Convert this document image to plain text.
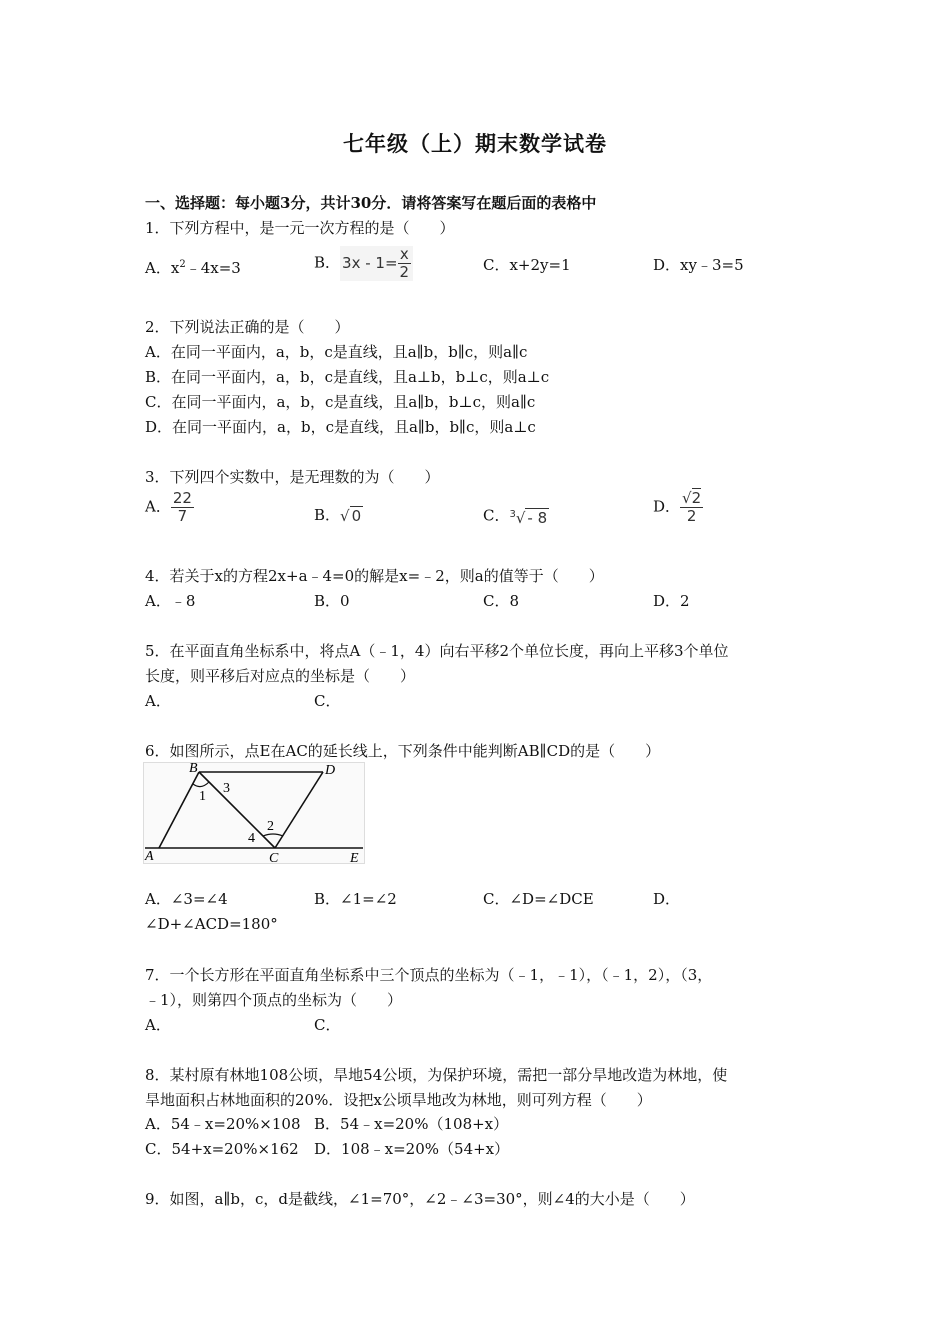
七年级（上）期末数学试卷
一、选择题：每小题3分，共计30分．请将答案写在题后面的表格中
1．下列方程中，是一元一次方程的是（　　）
A．$x^2﹣4x=3$	B． $3x - 1= \frac{x}{2}$	C．x+2y=1	D．xy﹣3=5
2．下列说法正确的是（　　）
A．在同一平面内，a，b，c是直线，且a∥b，b∥c，则a∥c
B．在同一平面内，a，b，c是直线，且a⊥b，b⊥c，则a⊥c
C．在同一平面内，a，b，c是直线，且a∥b，b⊥c，则a∥c
D．在同一平面内，a，b，c是直线，且a∥b，b∥c，则a⊥c
3．下列四个实数中，是无理数的为（　　）
A． $\frac{22}{7}$	B．√ 0	C．$^3$√ - 8
D． $\frac{√2}{2}$
4．若关于x的方程2x+a﹣4=0的解是x=﹣2，则a的值等于（　　）
A．﹣8	B．0	C．8	D．2
5．在平面直角坐标系中，将点A（﹣1，4）向右平移2个单位长度，再向上平移3个单位
长度，则平移后对应点的坐标是（　　）
A．	C．
6．如图所示，点E在AC的延长线上，下列条件中能判断AB∥CD的是（　　）
B	D
A	C	E
1
3
2
4
A．∠3=∠4	B．∠1=∠2	C．∠D=∠DCE	D．
∠D+∠ACD=180°
7．一个长方形在平面直角坐标系中三个顶点的坐标为（﹣1，﹣1），（﹣1，2），（3，
﹣1），则第四个顶点的坐标为（　　）
A．	C．
8．某村原有林地108公顷，旱地54公顷，为保护环境，需把一部分旱地改造为林地，使
旱地面积占林地面积的20%．设把x公顷旱地改为林地，则可列方程（　　）
A．54﹣x=20%×108 B．54﹣x=20%（108+x）
C．54+x=20%×162 D．108﹣x=20%（54+x）
9．如图，a∥b，c，d是截线，∠1=70°，∠2﹣∠3=30°，则∠4的大小是（　　）
